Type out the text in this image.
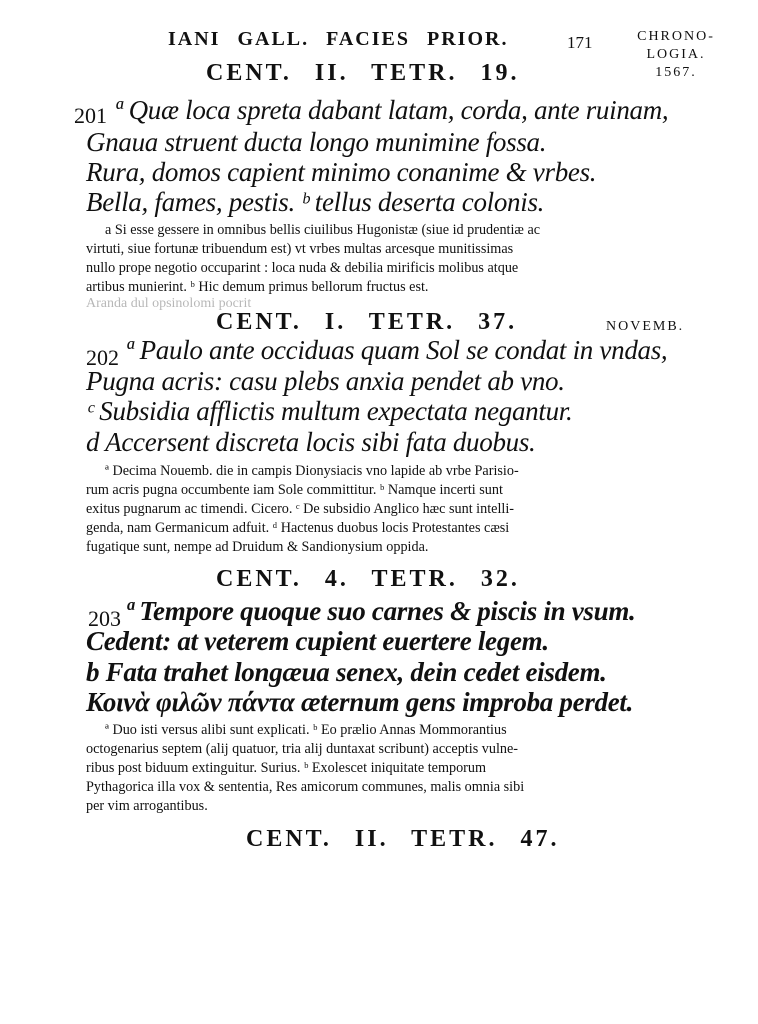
IANI GALL. FACIES PRIOR.	171	CHRONO-
LOGIA.
1567.
CENT. II. TETR. 19.
201 ª Quæ loca spreta dabant latam, corda, ante ruinam,
Gnaua struent ducta longo munimine fossa.
Rura, domos capient minimo conanime & vrbes.
Bella, fames, pestis. ᵇ tellus deserta colonis.
a Si esse gessere in omnibus bellis ciuilibus Hugonistæ (siue id prudentiæ ac
virtuti, siue fortunæ tribuendum est) vt vrbes multas arcesque munitissimas
nullo prope negotio occuparint : loca nuda & debilia mirificis molibus atque
artibus munierint. ᵇ Hic demum primus bellorum fructus est.
Aranda dul opsinolomi pocrit
CENT. I. TETR. 37.	NOVEMB.
202 ª Paulo ante occiduas quam Sol se condat in vndas,
Pugna acris: casu plebs anxia pendet ab vno.
ᶜ Subsidia afflictis multum expectata negantur.
d Accersent discreta locis sibi fata duobus.
ª Decima Nouemb. die in campis Dionysiacis vno lapide ab vrbe Parisio-
rum acris pugna occumbente iam Sole committitur. ᵇ Namque incerti sunt
exitus pugnarum ac timendi. Cicero. ᶜ De subsidio Anglico hæc sunt intelli-
genda, nam Germanicum adfuit. ᵈ Hactenus duobus locis Protestantes cæsi
fugatique sunt, nempe ad Druidum & Sandionysium oppida.
CENT. 4. TETR. 32.
203 ª Tempore quoque suo carnes & piscis in vsum.
Cedent: at veterem cupient euertere legem.
b Fata trahet longæua senex, dein cedet eisdem.
Κοινὰ φιλῶν πάντα æternum gens improba perdet.
ª Duo isti versus alibi sunt explicati. ᵇ Eo prælio Annas Mommorantius
octogenarius septem (alij quatuor, tria alij duntaxat scribunt) acceptis vulne-
ribus post biduum extinguitur. Surius. ᵇ Exolescet iniquitate temporum
Pythagorica illa vox & sententia, Res amicorum communes, malis omnia sibi
per vim arrogantibus.
CENT. II. TETR. 47.
